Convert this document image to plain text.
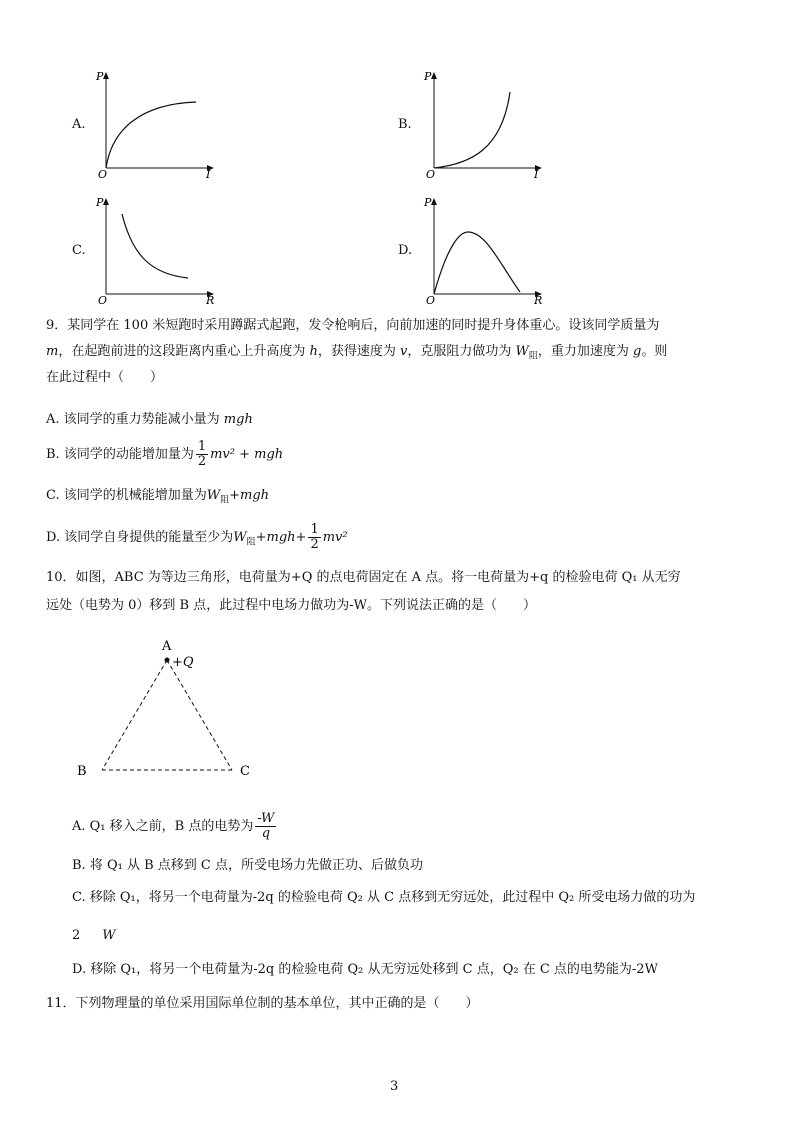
A.
P
I
O
B.
P
I
O
C.
P
R
O
D.
P
R
O
9．某同学在 100 米短跑时采用蹲踞式起跑，发令枪响后，向前加速的同时提升身体重心。设该同学质量为
m，在起跑前进的这段距离内重心上升高度为 h，获得速度为 v，克服阻力做功为 $W_阻$，重力加速度为 g。则
在此过程中（　　）
A. 该同学的重力势能减小量为 mgh
B. 该同学的动能增加量为 $\frac{1}{2} mv^2$ + mgh
C. 该同学的机械能增加量为$W_阻+mgh$
D. 该同学自身提供的能量至少为$W_阻+mgh+ \frac{1}{2} mv^2$
10．如图，ABC 为等边三角形，电荷量为+Q 的点电荷固定在 A 点。将一电荷量为+q 的检验电荷 Q₁ 从无穷
远处（电势为 0）移到 B 点，此过程中电场力做功为-W。下列说法正确的是（　　）
A
+Q
B	C
A. Q₁ 移入之前，B 点的电势为 $\frac{-W}{q}$
B. 将 Q₁ 从 B 点移到 C 点，所受电场力先做正功、后做负功
C. 移除 Q₁，将另一个电荷量为-2q 的检验电荷 Q₂ 从 C 点移到无穷远处，此过程中 Q₂ 所受电场力做的功为
2 W
D. 移除 Q₁，将另一个电荷量为-2q 的检验电荷 Q₂ 从无穷远处移到 C 点，Q₂ 在 C 点的电势能为-2W
11．下列物理量的单位采用国际单位制的基本单位，其中正确的是（　　）
3
